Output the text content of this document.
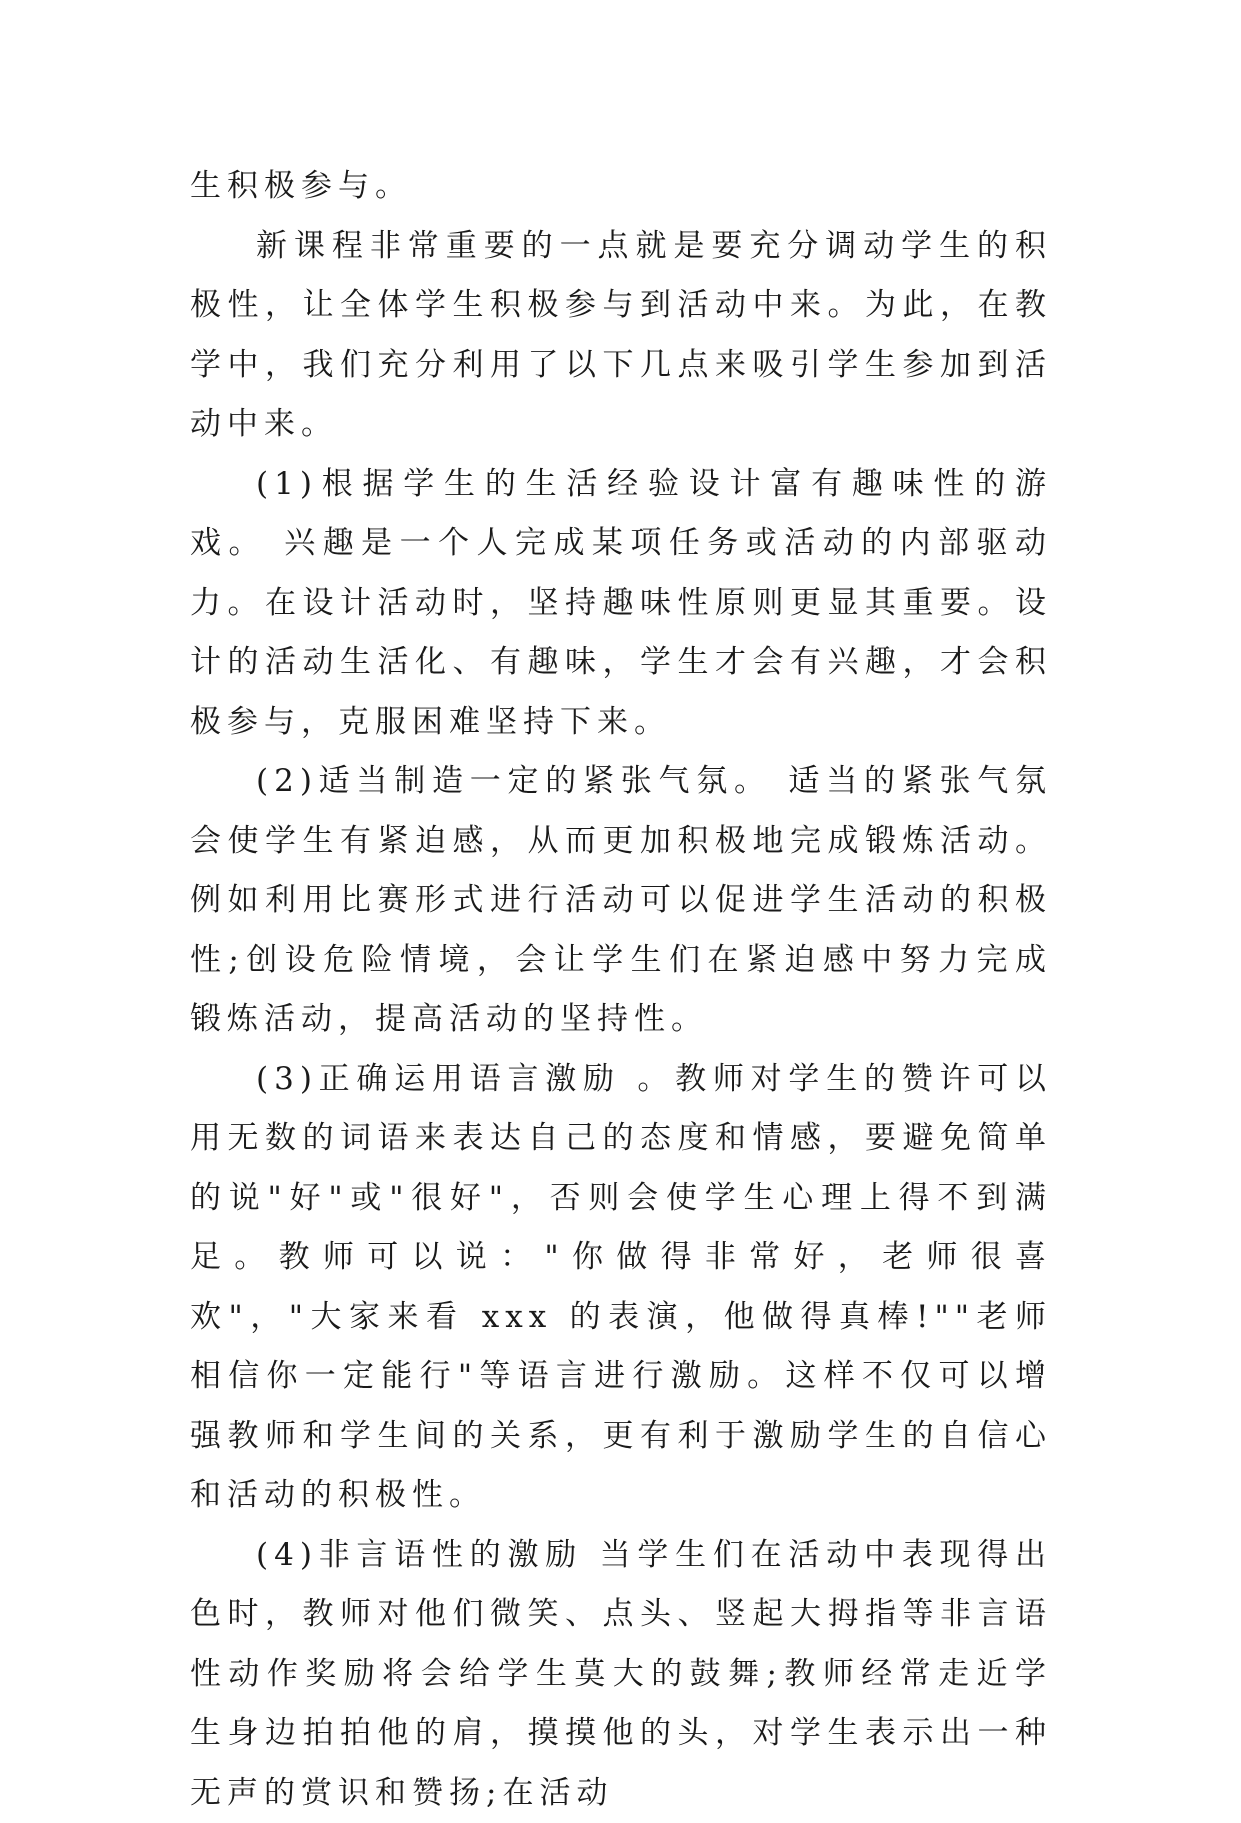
生积极参与。

新课程非常重要的一点就是要充分调动学生的积极性，让全体学生积极参与到活动中来。为此，在教学中，我们充分利用了以下几点来吸引学生参加到活动中来。

(1)根据学生的生活经验设计富有趣味性的游戏。 兴趣是一个人完成某项任务或活动的内部驱动力。在设计活动时，坚持趣味性原则更显其重要。设计的活动生活化、有趣味，学生才会有兴趣，才会积极参与，克服困难坚持下来。

(2)适当制造一定的紧张气氛。 适当的紧张气氛会使学生有紧迫感，从而更加积极地完成锻炼活动。例如利用比赛形式进行活动可以促进学生活动的积极性;创设危险情境，会让学生们在紧迫感中努力完成锻炼活动，提高活动的坚持性。

(3)正确运用语言激励 。教师对学生的赞许可以用无数的词语来表达自己的态度和情感，要避免简单的说"好"或"很好"，否则会使学生心理上得不到满足。教师可以说："你做得非常好，老师很喜欢"，"大家来看 xxx 的表演，他做得真棒!""老师相信你一定能行"等语言进行激励。这样不仅可以增强教师和学生间的关系，更有利于激励学生的自信心和活动的积极性。

(4)非言语性的激励 当学生们在活动中表现得出色时，教师对他们微笑、点头、竖起大拇指等非言语性动作奖励将会给学生莫大的鼓舞;教师经常走近学生身边拍拍他的肩，摸摸他的头，对学生表示出一种无声的赏识和赞扬;在活动
